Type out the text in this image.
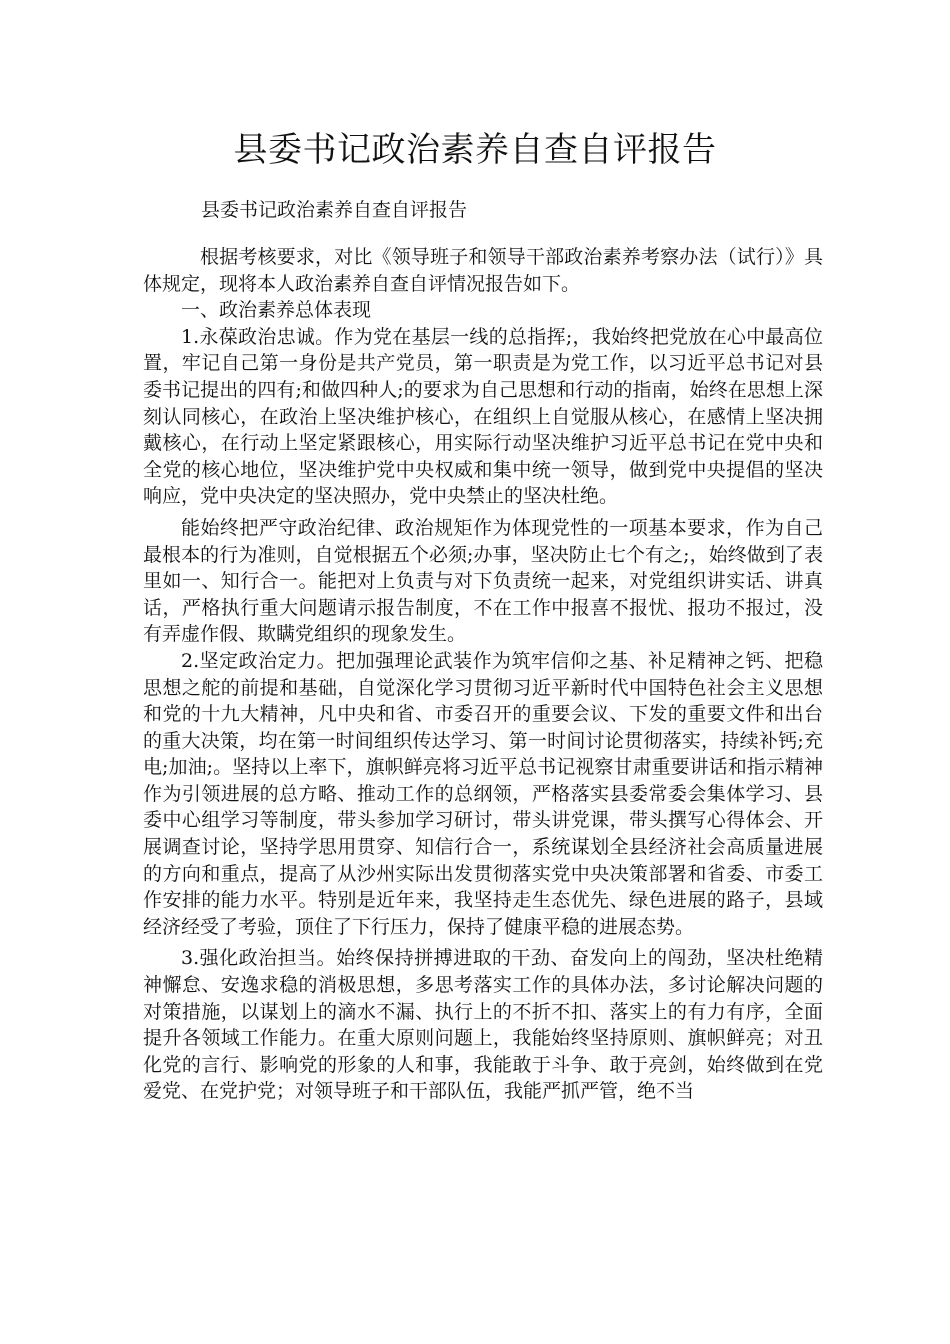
县委书记政治素养自查自评报告

县委书记政治素养自查自评报告

根据考核要求，对比《领导班子和领导干部政治素养考察办法（试行）》具体规定，现将本人政治素养自查自评情况报告如下。

一、政治素养总体表现

1.永葆政治忠诚。作为党在基层一线的总指挥;，我始终把党放在心中最高位置，牢记自己第一身份是共产党员，第一职责是为党工作，以习近平总书记对县委书记提出的四有;和做四种人;的要求为自己思想和行动的指南，始终在思想上深刻认同核心，在政治上坚决维护核心，在组织上自觉服从核心，在感情上坚决拥戴核心，在行动上坚定紧跟核心，用实际行动坚决维护习近平总书记在党中央和全党的核心地位，坚决维护党中央权威和集中统一领导，做到党中央提倡的坚决响应，党中央决定的坚决照办，党中央禁止的坚决杜绝。

能始终把严守政治纪律、政治规矩作为体现党性的一项基本要求，作为自己最根本的行为准则，自觉根据五个必须;办事，坚决防止七个有之;，始终做到了表里如一、知行合一。能把对上负责与对下负责统一起来，对党组织讲实话、讲真话，严格执行重大问题请示报告制度，不在工作中报喜不报忧、报功不报过，没有弄虚作假、欺瞒党组织的现象发生。

2.坚定政治定力。把加强理论武装作为筑牢信仰之基、补足精神之钙、把稳思想之舵的前提和基础，自觉深化学习贯彻习近平新时代中国特色社会主义思想和党的十九大精神，凡中央和省、市委召开的重要会议、下发的重要文件和出台的重大决策，均在第一时间组织传达学习、第一时间讨论贯彻落实，持续补钙;充电;加油;。坚持以上率下，旗帜鲜亮将习近平总书记视察甘肃重要讲话和指示精神作为引领进展的总方略、推动工作的总纲领，严格落实县委常委会集体学习、县委中心组学习等制度，带头参加学习研讨，带头讲党课，带头撰写心得体会、开展调查讨论，坚持学思用贯穿、知信行合一，系统谋划全县经济社会高质量进展的方向和重点，提高了从沙州实际出发贯彻落实党中央决策部署和省委、市委工作安排的能力水平。特别是近年来，我坚持走生态优先、绿色进展的路子，县域经济经受了考验，顶住了下行压力，保持了健康平稳的进展态势。

3.强化政治担当。始终保持拼搏进取的干劲、奋发向上的闯劲，坚决杜绝精神懈怠、安逸求稳的消极思想，多思考落实工作的具体办法，多讨论解决问题的对策措施，以谋划上的滴水不漏、执行上的不折不扣、落实上的有力有序，全面提升各领域工作能力。在重大原则问题上，我能始终坚持原则、旗帜鲜亮；对丑化党的言行、影响党的形象的人和事，我能敢于斗争、敢于亮剑，始终做到在党爱党、在党护党；对领导班子和干部队伍，我能严抓严管，绝不当
